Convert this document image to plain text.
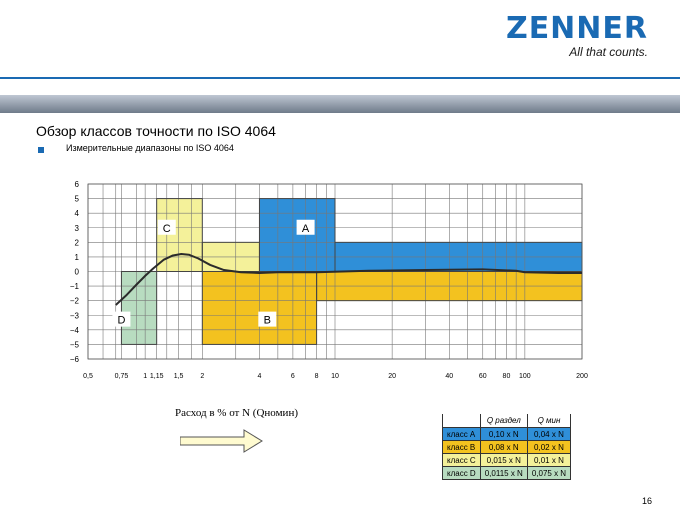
ZENNER
All that counts.
Обзор классов точности по ISO 4064
Измерительные диапазоны по ISO 4064
D
C
B
A
6
5
4
3
2
1
0
−1
−2
−3
−4
−5
−6
0,5	0,75 1 1,15 1,5 2	4	6	8 10	20	40	60 80 100	200
Расход в % от N (Qномин)
	Q раздел	Q мин
класс A	0,10 x N	0,04 x N
класс B	0,08 x N	0,02 x N
класс C	0,015 x N	0,01 x N
класс D	0,0115 x N	0,075 x N
16
